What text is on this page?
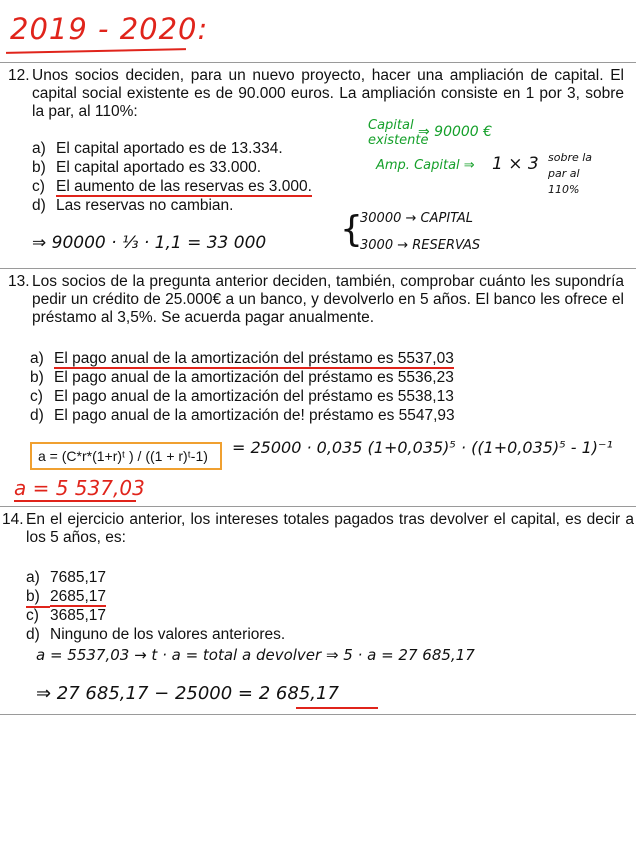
2019 - 2020:
12. Unos socios deciden, para un nuevo proyecto, hacer una ampliación de capital. El capital social existente es de 90.000 euros. La ampliación consiste en 1 por 3, sobre la par, al 110%:
a) El capital aportado es de 13.334.
b) El capital aportado es 33.000.
c) El aumento de las reservas es 3.000.
d) Las reservas no cambian.
Capital existente
⇒ 90000 €
Amp. Capital ⇒ 1 × 3 sobre la par al 110%
⇒ 90000 · ⅓ · 1,1 = 33 000 {
30000 → CAPITAL
3000 → RESERVAS
13. Los socios de la pregunta anterior deciden, también, comprobar cuánto les supondría pedir un crédito de 25.000€ a un banco, y devolverlo en 5 años. El banco les ofrece el préstamo al 3,5%. Se acuerda pagar anualmente.
a) El pago anual de la amortización del préstamo es 5537,03
b) El pago anual de la amortización del préstamo es 5536,23
c) El pago anual de la amortización del préstamo es 5538,13
d) El pago anual de la amortización de! préstamo es 5547,93
a = (C*r*(1+r)ᵗ ) / ((1 + r)ᵗ-1)	= 25000 · 0,035 (1+0,035)⁵ · ((1+0,035)⁵ - 1)⁻¹
a = 5 537,03
14. En el ejercicio anterior, los intereses totales pagados tras devolver el capital, es decir a los 5 años, es:
a) 7685,17
b) 2685,17
c) 3685,17
d) Ninguno de los valores anteriores.
a = 5537,03 → t · a = total a devolver ⇒ 5 · a = 27 685,17
⇒ 27 685,17 − 25000 = 2 685,17
